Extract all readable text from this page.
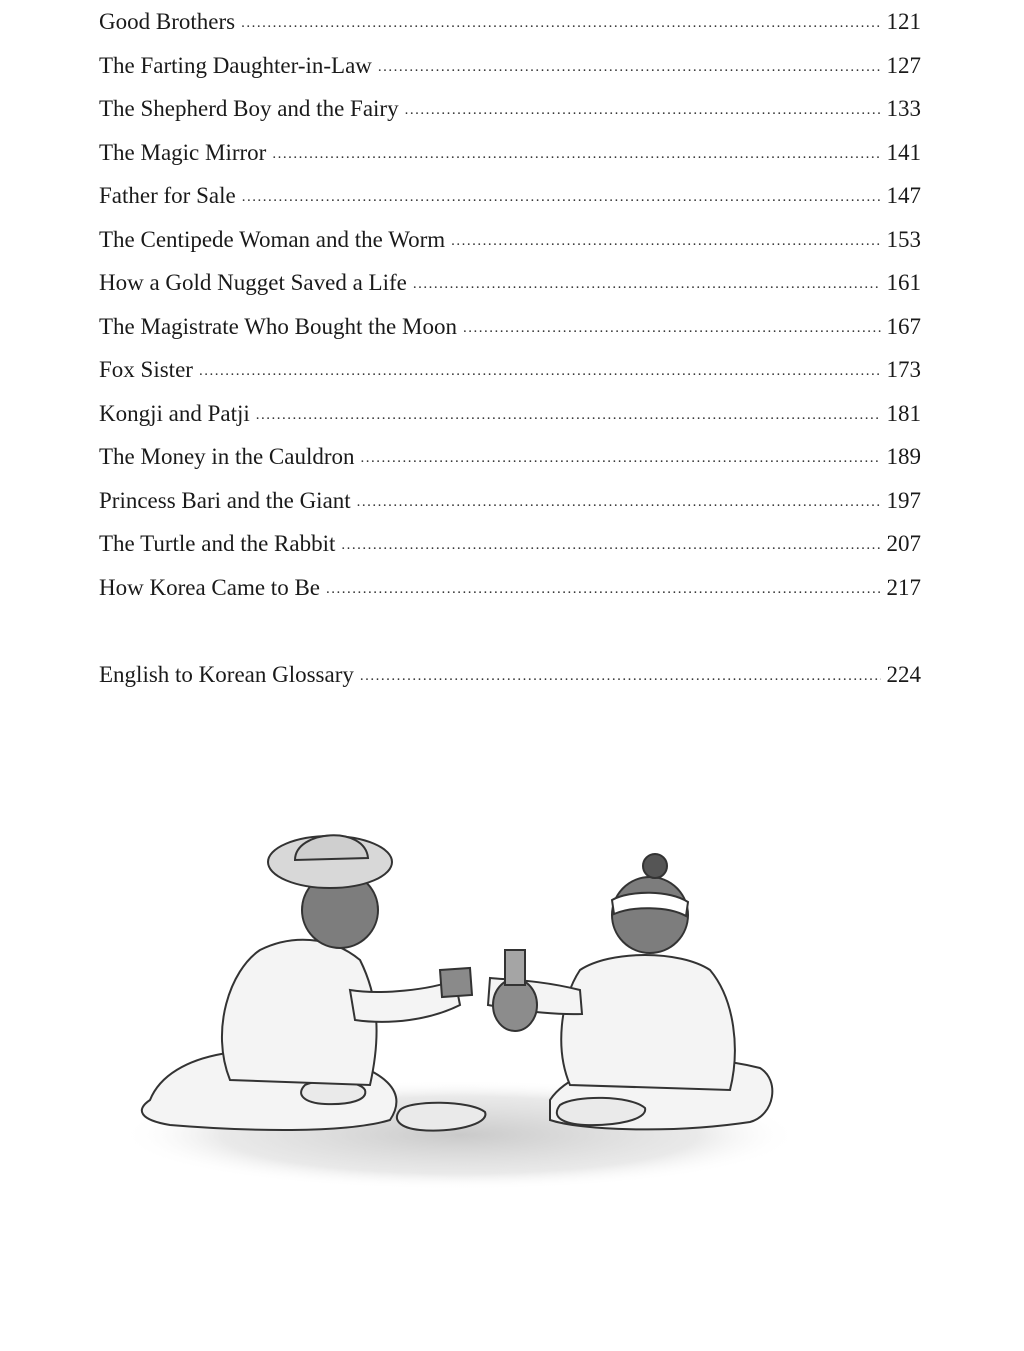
Good Brothers .....	121
The Farting Daughter-in-Law .....	127
The Shepherd Boy and the Fairy .....	133
The Magic Mirror .....	141
Father for Sale .....	147
The Centipede Woman and the Worm .....	153
How a Gold Nugget Saved a Life .....	161
The Magistrate Who Bought the Moon .....	167
Fox Sister .....	173
Kongji and Patji .....	181
The Money in the Cauldron .....	189
Princess Bari and the Giant .....	197
The Turtle and the Rabbit .....	207
How Korea Came to Be .....	217
English to Korean Glossary .....	224
